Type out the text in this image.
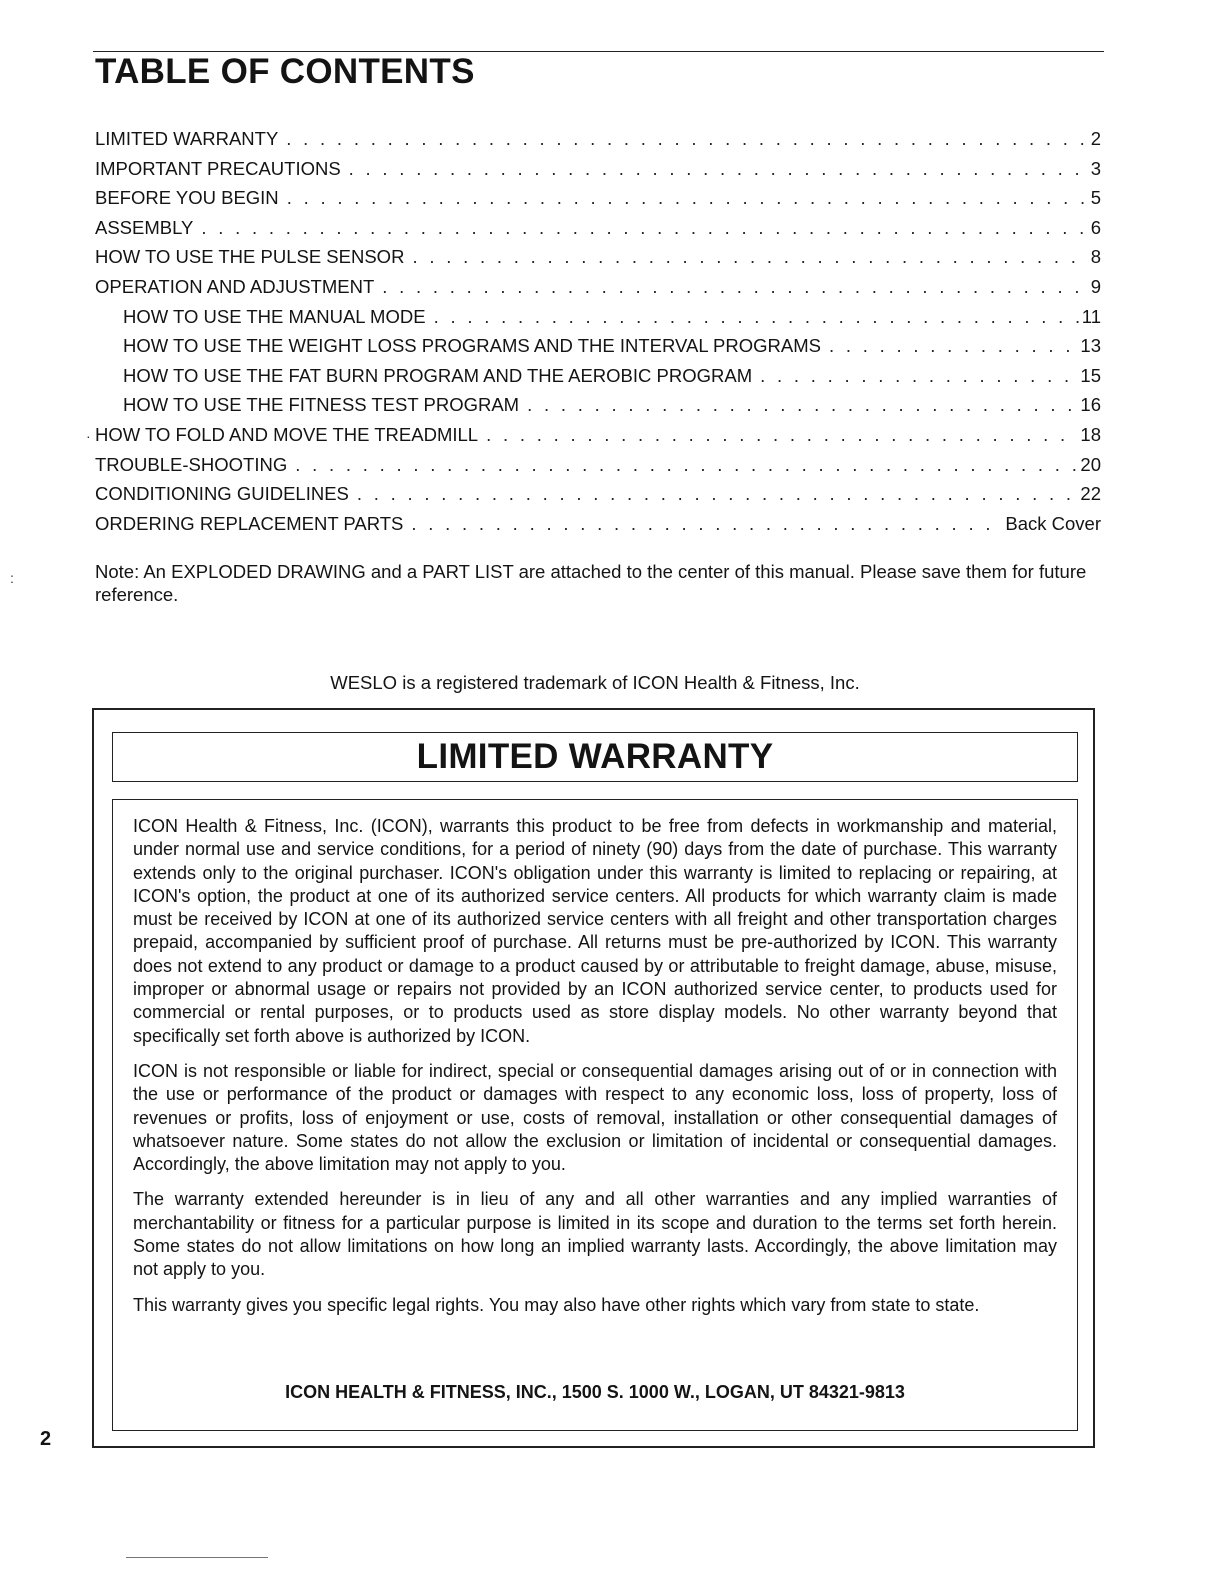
TABLE OF CONTENTS
LIMITED WARRANTY . . .	2
IMPORTANT PRECAUTIONS . . .	3
BEFORE YOU BEGIN . . .	5
ASSEMBLY . . .	6
HOW TO USE THE PULSE SENSOR . . .	8
OPERATION AND ADJUSTMENT . . .	9
HOW TO USE THE MANUAL MODE . . .	11
HOW TO USE THE WEIGHT LOSS PROGRAMS AND THE INTERVAL PROGRAMS . . .	13
HOW TO USE THE FAT BURN PROGRAM AND THE AEROBIC PROGRAM . . .	15
HOW TO USE THE FITNESS TEST PROGRAM . . .	16
HOW TO FOLD AND MOVE THE TREADMILL . . .	18
TROUBLE-SHOOTING . . .	20
CONDITIONING GUIDELINES . . .	22
ORDERING REPLACEMENT PARTS . . .	Back Cover

Note: An EXPLODED DRAWING and a PART LIST are attached to the center of this manual. Please save them for future reference.

WESLO is a registered trademark of ICON Health & Fitness, Inc.

LIMITED WARRANTY

ICON Health & Fitness, Inc. (ICON), warrants this product to be free from defects in workmanship and material, under normal use and service conditions, for a period of ninety (90) days from the date of purchase. This warranty extends only to the original purchaser. ICON's obligation under this warranty is limited to replacing or repairing, at ICON's option, the product at one of its authorized service centers. All products for which warranty claim is made must be received by ICON at one of its authorized service centers with all freight and other transportation charges prepaid, accompanied by sufficient proof of purchase. All returns must be pre-authorized by ICON. This warranty does not extend to any product or damage to a product caused by or attributable to freight damage, abuse, misuse, improper or abnormal usage or repairs not provided by an ICON authorized service center, to products used for commercial or rental purposes, or to products used as store display models. No other warranty beyond that specifically set forth above is authorized by ICON.

ICON is not responsible or liable for indirect, special or consequential damages arising out of or in connection with the use or performance of the product or damages with respect to any economic loss, loss of property, loss of revenues or profits, loss of enjoyment or use, costs of removal, installation or other consequential damages of whatsoever nature. Some states do not allow the exclusion or limitation of incidental or consequential damages. Accordingly, the above limitation may not apply to you.

The warranty extended hereunder is in lieu of any and all other warranties and any implied warranties of merchantability or fitness for a particular purpose is limited in its scope and duration to the terms set forth herein. Some states do not allow limitations on how long an implied warranty lasts. Accordingly, the above limitation may not apply to you.

This warranty gives you specific legal rights. You may also have other rights which vary from state to state.

ICON HEALTH & FITNESS, INC., 1500 S. 1000 W., LOGAN, UT 84321-9813

2

·
:
